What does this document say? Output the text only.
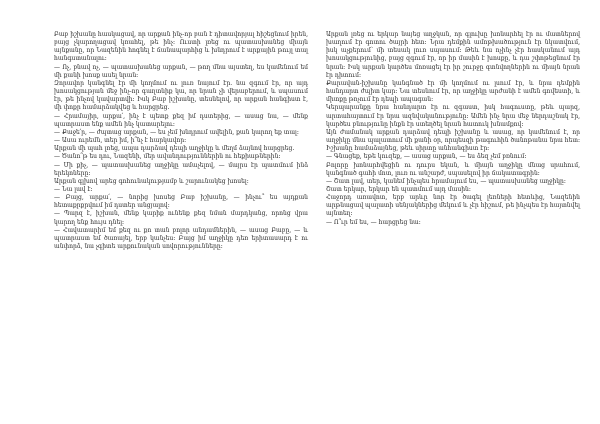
Բաբ իշխանը հասկացավ, որ արքան ինչ֊որ բան է դիտավորյալ հիշեցնում իրեն, բայց չկարողացավ կռահել, թե ինչ։ Ուստի լռեց ու պատասխանեց միայն այնքանը, որ Նազենին հոգնել է ճանապարհից և խնդրում է արքային թույլ տալ հանգստանալու։

— Ոչ, բնավ ոչ, — պատասխանեց արքան, — թող մնա այստեղ, ես կամենում եմ մի քանի խոսք ասել նրան։

Զորավոր կանգնել էր մի կողմում ու լուռ նայում էր. նա զգում էր, որ այդ խոսակցության մեջ ինչ֊որ գաղտնիք կա, որ նրան չի վերաբերում, և սպասում էր, թե ինչով կավարտվի։ Իսկ Բաբ իշխանը, տեսնելով, որ արքան հանգիստ է, մի փոքր համարձակվեց և հարցրեց.

— Հրամայիր, արքա՛, ինչ է պետք քեզ իմ դստերից, — ասաց նա, — մենք պատրաստ ենք ամեն ինչ կատարելու։

— Քաջե՛ր, — ժպտաց արքան, — ես չեմ խնդրում ավելին, քան կարող եք տալ։

— Ասա ուրեմն, տեր իմ, ի՞նչ է հարկավոր։

Արքան մի պահ լռեց, ապա դարձավ դեպի աղջիկը և մեղմ ձայնով հարցրեց.

— Ծանո՞թ ես դու, Նազենի, մեր ավանդություններին ու հեքիաթներին։

— Մի քիչ, — պատասխանեց աղջիկը ամաչելով, — մայրս էր պատմում ինձ երեկոները։

Արքան գլխով արեց գոհունակությամբ և շարունակեց խոսել։

— Նա լավ է։

— Բայց, արքա՛, — նորից խոսեց Բաբ իշխանը, — ինչու՞ ես այդքան հետաքրքրվում իմ դստեր անցյալով։

— Պարզ է, իշխան, մենք կարիք ունենք քեզ նման մարդկանց, որոնց վրա կարող ենք հույս դնել։

— Հավատարիմ եմ քեզ ու քո տան բոլոր անդամներին, — ասաց Բաբը, — և պատրաստ եմ ծառայել, երբ կանչես։ Բայց իմ աղջիկը դեռ երիտասարդ է ու անփորձ, նա չգիտե արքունական սովորությունները։

Արքան լռեց ու երկար նայեց աղջկան, որ գլուխը խոնարհել էր ու մատներով խաղում էր գոտու ծայրի հետ։ Նրա դեմքին ամոթխածություն էր նկատվում, իսկ աչքերում՝ մի տեսակ լուռ սպասում։ Թեև նա ոչինչ չէր հասկանում այդ խոսակցությունից, բայց զգում էր, որ իր մասին է խոսքը, և դա շփոթեցնում էր նրան։ Իսկ արքան կարծես մոռացել էր իր շուրջը գտնվողներին ու միայն նրան էր դիտում։

Քարավան֊իշխանը կանգնած էր մի կողմում ու լսում էր, և նրա դեմքին հանդարտ ժպիտ կար։ Նա տեսնում էր, որ աղջիկը արժանի է ամեն գովեստի, և միտքը թռչում էր դեպի ապագան։

Կերպարանքը նրա հանդարտ էր ու զգաստ, իսկ հագուստը, թեև պարզ, արտահայտում էր նրա ազնվականությունը։ Ամեն ինչ նրա մեջ ներդաշնակ էր, կարծես բնությունը ինքն էր ստեղծել նրան հատուկ խնամքով։

Այն ժամանակ արքան դարձավ դեպի իշխանը և ասաց, որ կամենում է, որ աղջիկը մնա պալատում մի քանի օր, որպեսզի թագուհին ծանոթանա նրա հետ։ Իշխանը համաձայնեց, թեև սիրտը անհանգիստ էր։

— Գնացեք, եթե կուզեք, — ասաց արքան, — ես ձեզ չեմ բռնում։

Բոլորը խոնարհվեցին ու դուրս եկան, և միայն աղջիկը մնաց սրահում, կանգնած գահի մոտ, լուռ ու անշարժ, սպասելով իր ճակատագրին։

— Շատ լավ, տեր, կանեմ ինչպես հրամայում ես, — պատասխանեց աղջիկը։

Շատ երկար, երկար են պատմում այդ մասին։

Հաջորդ առավոտ, երբ արևը նոր էր ծագել լեռների հետևից, Նազենին արթնացավ պալատի սենյակներից մեկում և չէր հիշում, թե ինչպես էր հայտնվել այնտեղ։

— Ո՞ւր եմ ես, — հարցրեց նա։
